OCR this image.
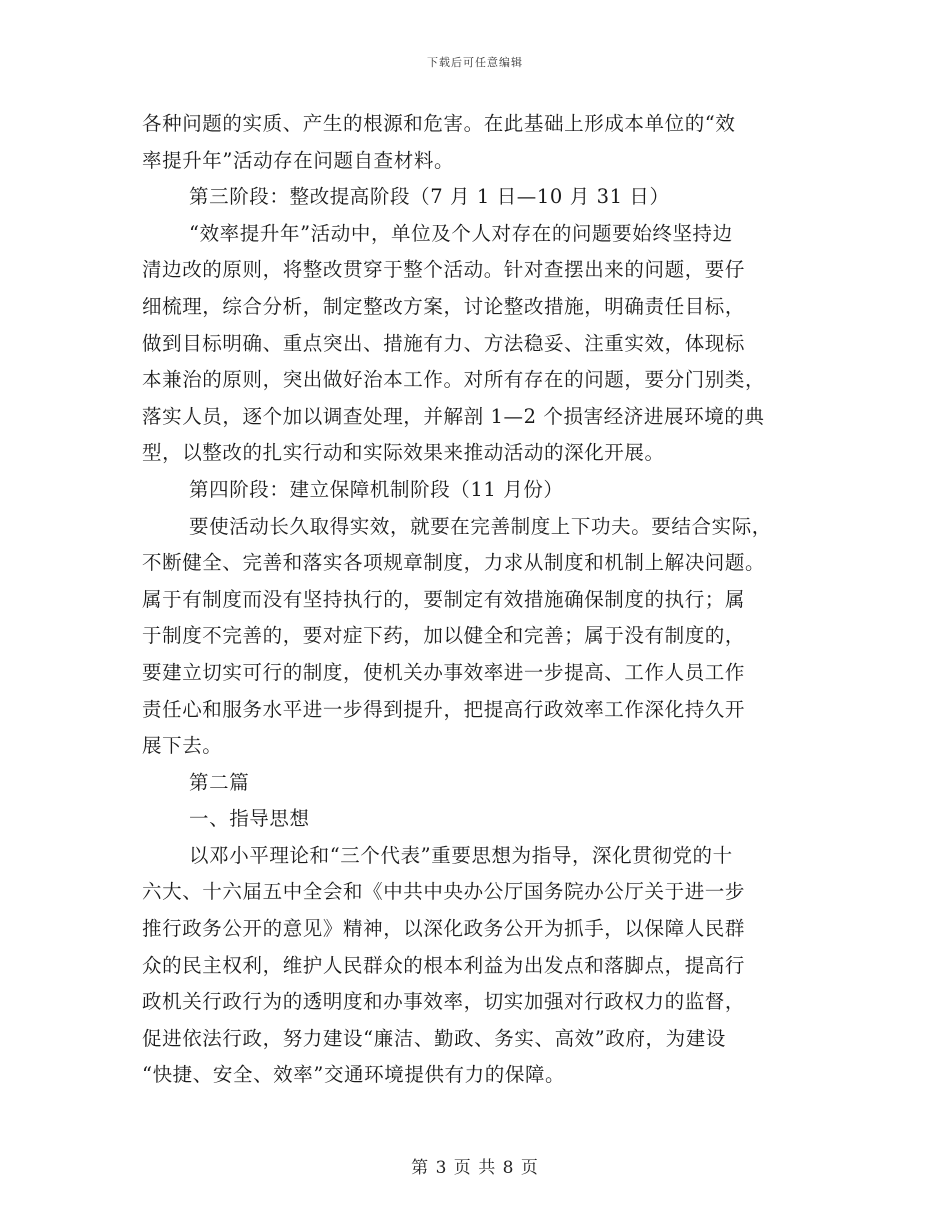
下载后可任意编辑
各种问题的实质、产生的根源和危害。在此基础上形成本单位的“效
率提升年”活动存在问题自查材料。
第三阶段：整改提高阶段（7 月 1 日—10 月 31 日）
“效率提升年”活动中，单位及个人对存在的问题要始终坚持边
清边改的原则，将整改贯穿于整个活动。针对查摆出来的问题，要仔
细梳理，综合分析，制定整改方案，讨论整改措施，明确责任目标，
做到目标明确、重点突出、措施有力、方法稳妥、注重实效，体现标
本兼治的原则，突出做好治本工作。对所有存在的问题，要分门别类，
落实人员，逐个加以调查处理，并解剖 1—2 个损害经济进展环境的典
型，以整改的扎实行动和实际效果来推动活动的深化开展。
第四阶段：建立保障机制阶段（11 月份）
要使活动长久取得实效，就要在完善制度上下功夫。要结合实际，
不断健全、完善和落实各项规章制度，力求从制度和机制上解决问题。
属于有制度而没有坚持执行的，要制定有效措施确保制度的执行；属
于制度不完善的，要对症下药，加以健全和完善；属于没有制度的，
要建立切实可行的制度，使机关办事效率进一步提高、工作人员工作
责任心和服务水平进一步得到提升，把提高行政效率工作深化持久开
展下去。
第二篇
一、指导思想
以邓小平理论和“三个代表”重要思想为指导，深化贯彻党的十
六大、十六届五中全会和《中共中央办公厅国务院办公厅关于进一步
推行政务公开的意见》精神，以深化政务公开为抓手，以保障人民群
众的民主权利，维护人民群众的根本利益为出发点和落脚点，提高行
政机关行政行为的透明度和办事效率，切实加强对行政权力的监督，
促进依法行政，努力建设“廉洁、勤政、务实、高效”政府，为建设
“快捷、安全、效率”交通环境提供有力的保障。
第 3 页 共 8 页
